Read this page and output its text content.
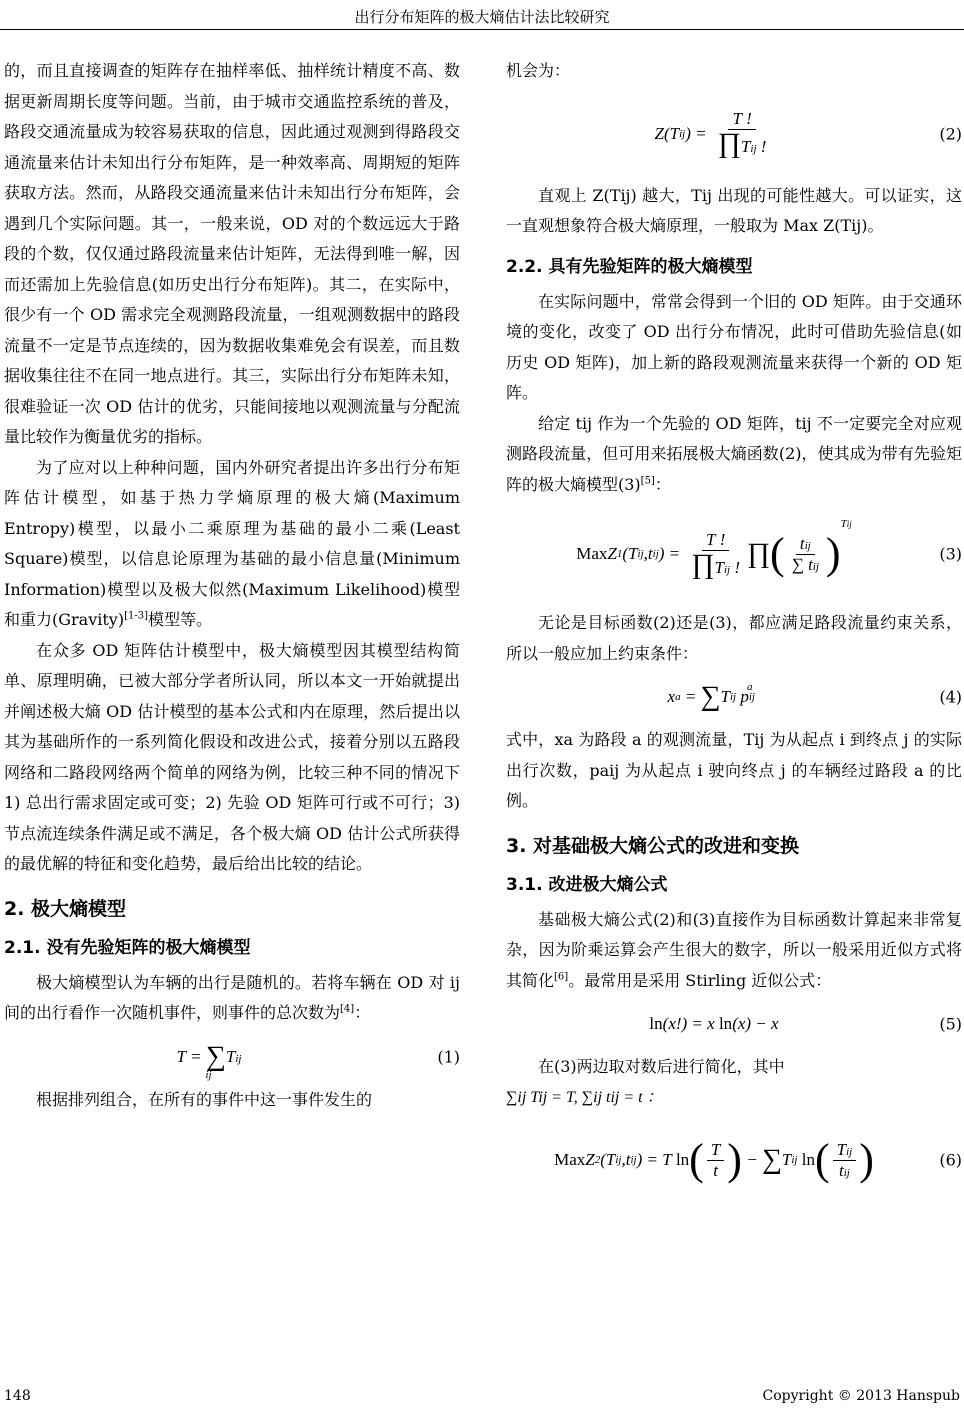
出行分布矩阵的极大熵估计法比较研究

的，而且直接调查的矩阵存在抽样率低、抽样统计精度不高、数据更新周期长度等问题。当前，由于城市交通监控系统的普及，路段交通流量成为较容易获取的信息，因此通过观测到得路段交通流量来估计未知出行分布矩阵，是一种效率高、周期短的矩阵获取方法。然而，从路段交通流量来估计未知出行分布矩阵，会遇到几个实际问题。其一，一般来说，OD 对的个数远远大于路段的个数，仅仅通过路段流量来估计矩阵，无法得到唯一解，因而还需加上先验信息(如历史出行分布矩阵)。其二，在实际中，很少有一个 OD 需求完全观测路段流量，一组观测数据中的路段流量不一定是节点连续的，因为数据收集难免会有误差，而且数据收集往往不在同一地点进行。其三，实际出行分布矩阵未知，很难验证一次 OD 估计的优劣，只能间接地以观测流量与分配流量比较作为衡量优劣的指标。

为了应对以上种种问题，国内外研究者提出许多出行分布矩阵估计模型，如基于热力学熵原理的极大熵(Maximum Entropy)模型，以最小二乘原理为基础的最小二乘(Least Square)模型，以信息论原理为基础的最小信息量(Minimum Information)模型以及极大似然(Maximum Likelihood)模型和重力(Gravity)[1-3]模型等。

在众多 OD 矩阵估计模型中，极大熵模型因其模型结构简单、原理明确，已被大部分学者所认同，所以本文一开始就提出并阐述极大熵 OD 估计模型的基本公式和内在原理，然后提出以其为基础所作的一系列简化假设和改进公式，接着分别以五路段网络和二路段网络两个简单的网络为例，比较三种不同的情况下 1) 总出行需求固定或可变；2) 先验 OD 矩阵可行或不可行；3) 节点流连续条件满足或不满足，各个极大熵 OD 估计公式所获得的最优解的特征和变化趋势，最后给出比较的结论。

2. 极大熵模型
2.1. 没有先验矩阵的极大熵模型

极大熵模型认为车辆的出行是随机的。若将车辆在 OD 对 ij 间的出行看作一次随机事件，则事件的总次数为[4]：

T = ∑ Tij
ij
(1)

根据排列组合，在所有的事件中这一事件发生的

机会为：

Z(T ij ) = $\frac{T !}{\text{∏Tij !}}$	(2)

直观上 Z(Tij) 越大，Tij 出现的可能性越大。可以证实，这一直观想象符合极大熵原理，一般取为 Max Z(Tij)。

2.2. 具有先验矩阵的极大熵模型

在实际问题中，常常会得到一个旧的 OD 矩阵。由于交通环境的变化，改变了 OD 出行分布情况，此时可借助先验信息(如历史 OD 矩阵)，加上新的路段观测流量来获得一个新的 OD 矩阵。

给定 tij 作为一个先验的 OD 矩阵，tij 不一定要完全对应观测路段流量，但可用来拓展极大熵函数(2)，使其成为带有先验矩阵的极大熵模型(3)[5]：

Max Z 1 (T ij ,t ij ) = $\frac{T !}{\text{∏Tij !}}$ ∏ ( $\frac{\text{tij}}{\text{∑ tij}}$ )
Tij
(3)

无论是目标函数(2)还是(3)，都应满足路段流量约束关系，所以一般应加上约束条件：

x a = ∑ T ij p ij
a
(4)

式中，xa 为路段 a 的观测流量，Tij 为从起点 i 到终点 j 的实际出行次数，paij 为从起点 i 驶向终点 j 的车辆经过路段 a 的比例。

3. 对基础极大熵公式的改进和变换
3.1. 改进极大熵公式

基础极大熵公式(2)和(3)直接作为目标函数计算起来非常复杂，因为阶乘运算会产生很大的数字，所以一般采用近似方式将其简化[6]。最常用是采用 Stirling 近似公式：

ln (x!) = x ln (x) − x	(5)

在(3)两边取对数后进行简化，其中

∑ij Tij = T, ∑ij tij = t ：

Max Z 2 (T ij ,t ij ) = T ln ( $\frac{T}{t}$ ) − ∑ T ij
ln ( $\frac{\text{Tij}}{\text{tij}}$ )	(6)
148	Copyright © 2013 Hanspub
